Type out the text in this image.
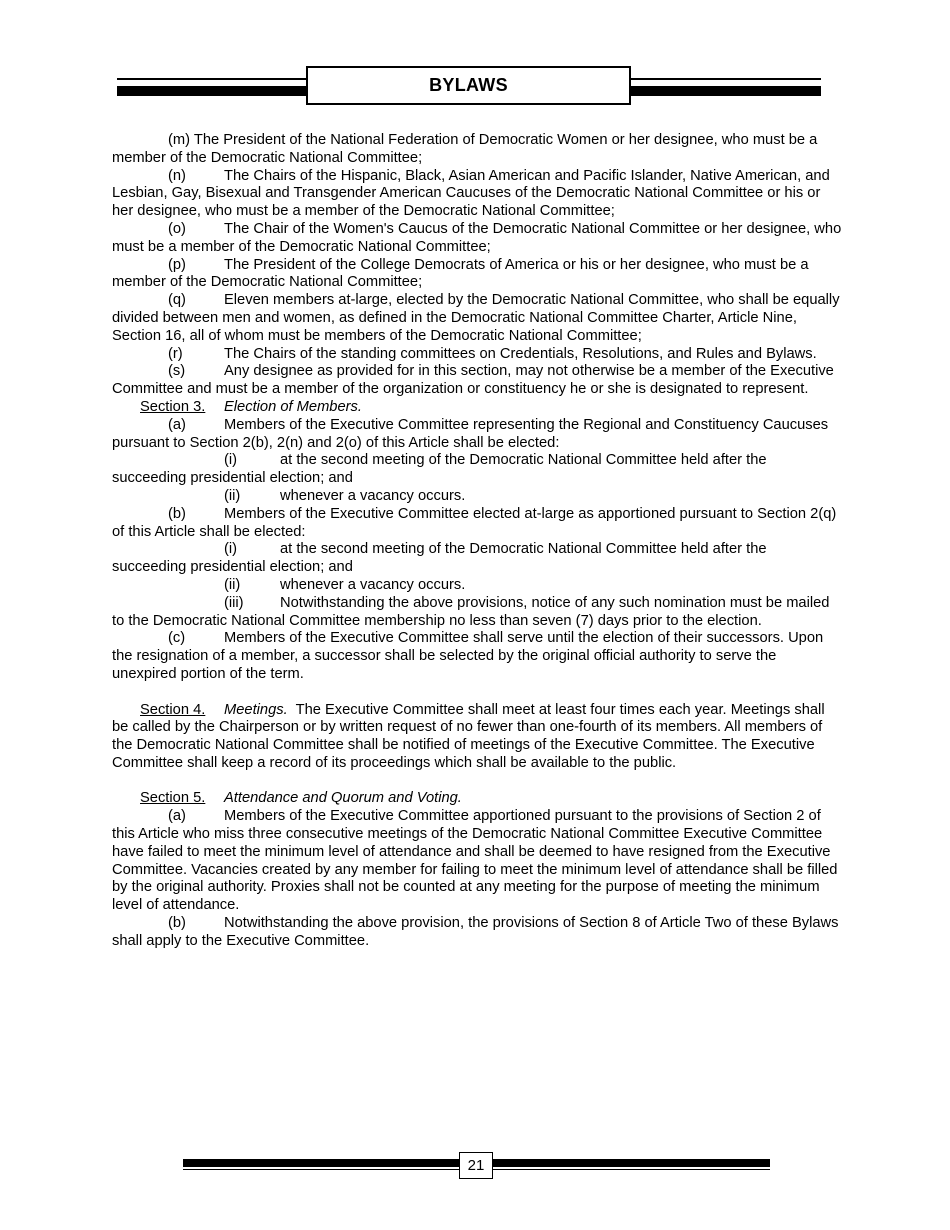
BYLAWS

(m) The President of the National Federation of Democratic Women or her designee, who must be a member of the Democratic National Committee;

(n)	The Chairs of the Hispanic, Black, Asian American and Pacific Islander, Native American, and Lesbian, Gay, Bisexual and Transgender American Caucuses of the Democratic National Committee or his or her designee, who must be a member of the Democratic National Committee;

(o)	The Chair of the Women's Caucus of the Democratic National Committee or her designee, who must be a member of the Democratic National Committee;

(p)	The President of the College Democrats of America or his or her designee, who must be a member of the Democratic National Committee;

(q)	Eleven members at-large, elected by the Democratic National Committee, who shall be equally divided between men and women, as defined in the Democratic National Committee Charter, Article Nine, Section 16, all of whom must be members of the Democratic National Committee;

(r)	The Chairs of the standing committees on Credentials, Resolutions, and Rules and Bylaws.

(s)	Any designee as provided for in this section, may not otherwise be a member of the Executive Committee and must be a member of the organization or constituency he or she is designated to represent.

Section 3. Election of Members.

(a)	Members of the Executive Committee representing the Regional and Constituency Caucuses pursuant to Section 2(b), 2(n) and 2(o) of this Article shall be elected:

(i)	at the second meeting of the Democratic National Committee held after the succeeding presidential election; and

(ii)	whenever a vacancy occurs.

(b)	Members of the Executive Committee elected at-large as apportioned pursuant to Section 2(q) of this Article shall be elected:

(i)	at the second meeting of the Democratic National Committee held after the succeeding presidential election; and

(ii)	whenever a vacancy occurs.

(iii) Notwithstanding the above provisions, notice of any such nomination must be mailed to the Democratic National Committee membership no less than seven (7) days prior to the election.

(c)	Members of the Executive Committee shall serve until the election of their successors. Upon the resignation of a member, a successor shall be selected by the original official authority to serve the unexpired portion of the term.

Section 4. Meetings. The Executive Committee shall meet at least four times each year. Meetings shall be called by the Chairperson or by written request of no fewer than one-fourth of its members. All members of the Democratic National Committee shall be notified of meetings of the Executive Committee. The Executive Committee shall keep a record of its proceedings which shall be available to the public.

Section 5. Attendance and Quorum and Voting.

(a)	Members of the Executive Committee apportioned pursuant to the provisions of Section 2 of this Article who miss three consecutive meetings of the Democratic National Committee Executive Committee have failed to meet the minimum level of attendance and shall be deemed to have resigned from the Executive Committee. Vacancies created by any member for failing to meet the minimum level of attendance shall be filled by the original authority. Proxies shall not be counted at any meeting for the purpose of meeting the minimum level of attendance.

(b)	Notwithstanding the above provision, the provisions of Section 8 of Article Two of these Bylaws shall apply to the Executive Committee.

21
